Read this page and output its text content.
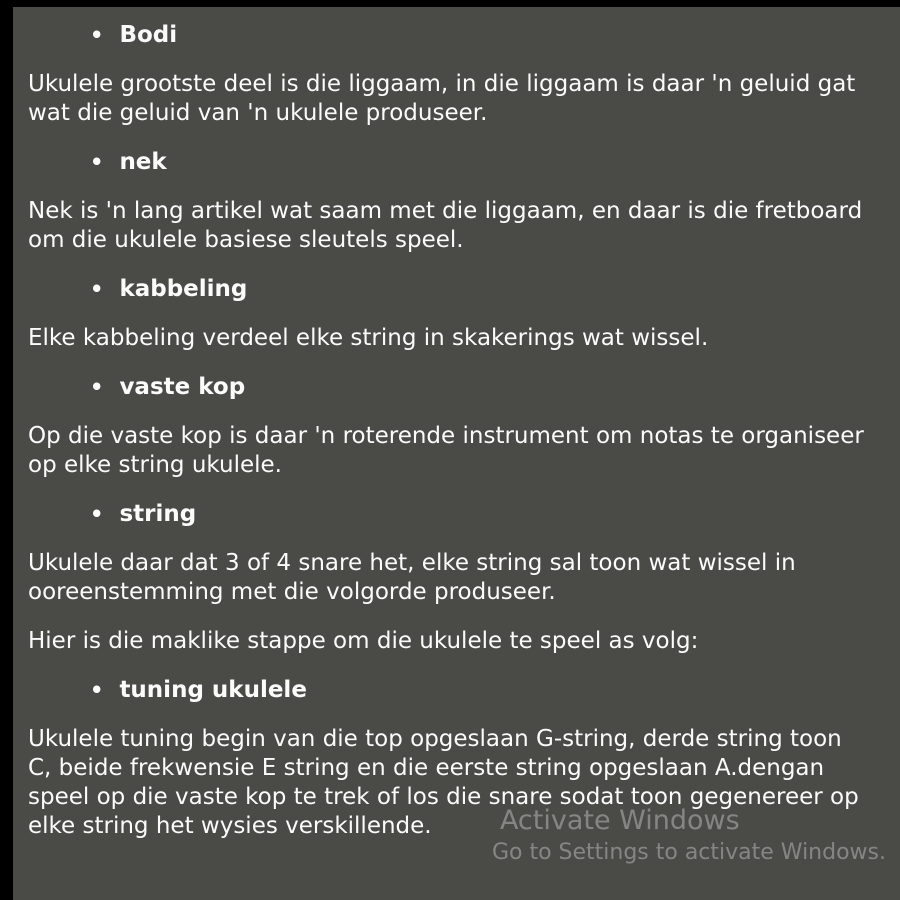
• Bodi

Ukulele grootste deel is die liggaam, in die liggaam is daar 'n geluid gat wat die geluid van 'n ukulele produseer.

• nek

Nek is 'n lang artikel wat saam met die liggaam, en daar is die fretboard om die ukulele basiese sleutels speel.

• kabbeling

Elke kabbeling verdeel elke string in skakerings wat wissel.

• vaste kop

Op die vaste kop is daar 'n roterende instrument om notas te organiseer op elke string ukulele.

• string

Ukulele daar dat 3 of 4 snare het, elke string sal toon wat wissel in ooreenstemming met die volgorde produseer.

Hier is die maklike stappe om die ukulele te speel as volg:

• tuning ukulele

Ukulele tuning begin van die top opgeslaan G-string, derde string toon C, beide frekwensie E string en die eerste string opgeslaan A.dengan speel op die vaste kop te trek of los die snare sodat toon gegenereer op elke string het wysies verskillende.	Activate Windows
Go to Settings to activate Windows.
